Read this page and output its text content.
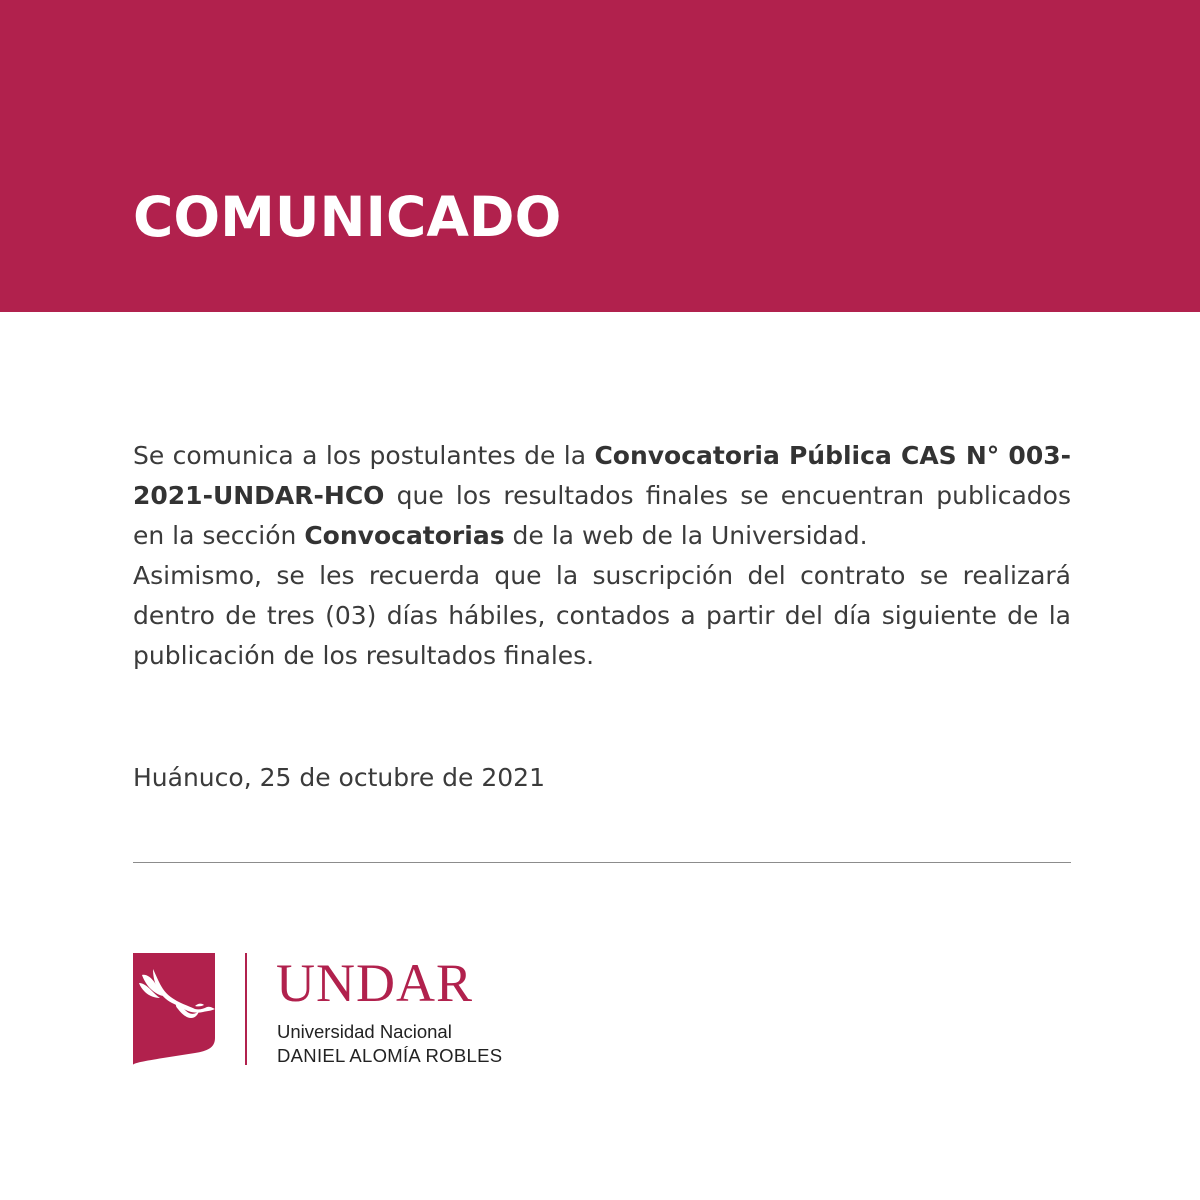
COMUNICADO

Se comunica a los postulantes de la Convocatoria Pública CAS N° 003-2021-UNDAR-HCO que los resultados finales se encuentran publicados en la sección Convocatorias de la web de la Universidad.

Asimismo, se les recuerda que la suscripción del contrato se realizará dentro de tres (03) días hábiles, contados a partir del día siguiente de la publicación de los resultados finales.

Huánuco, 25 de octubre de 2021
UNDAR
Universidad Nacional
DANIEL ALOMÍA ROBLES
